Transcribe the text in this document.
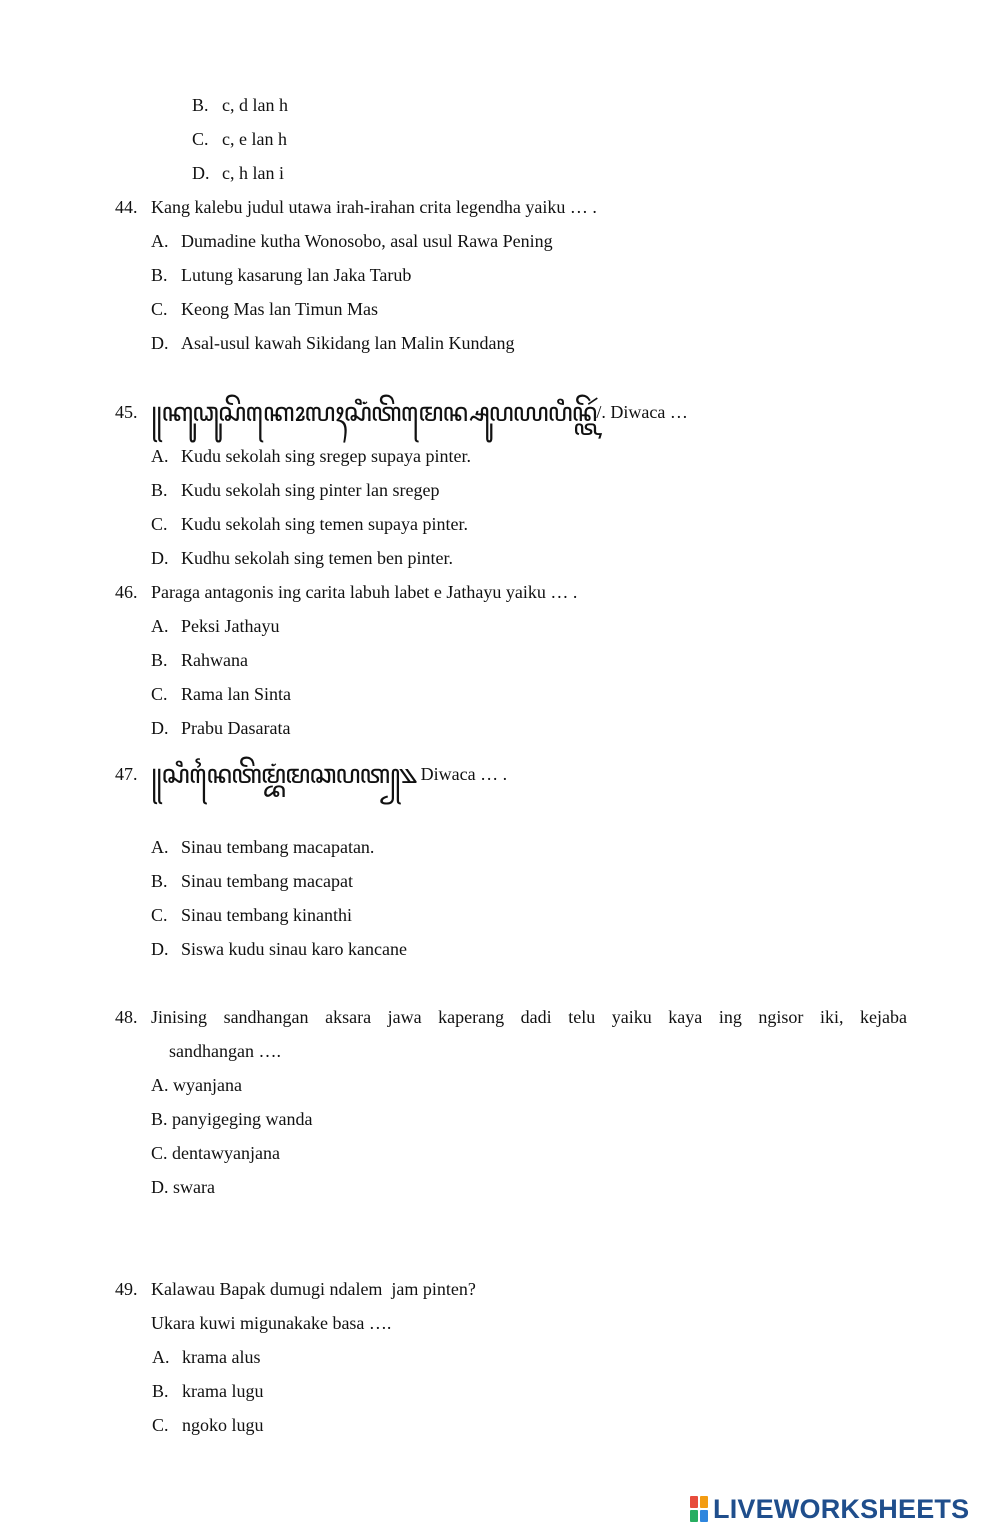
B. c, d lan h
C. c, e lan h
D. c, h lan i
44. Kang kalebu judul utawa irah-irahan crita legendha yaiku … .
A. Dumadine kutha Wonosobo, asal usul Rawa Pening
B. Lutung kasarung lan Jaka Tarub
C. Keong Mas lan Timun Mas
D. Asal-usul kawah Sikidang lan Malin Kundang
45. ꧋ꦏꦸꦣꦸꦱꦼꦏꦺꦴꦭꦃꦱꦶꦁꦠꦼꦩꦺꦤ꧀ꦱꦸꦥꦪꦥꦶꦤ꧀ꦠꦼꦂ/. Diwaca …
A. Kudu sekolah sing sregep supaya pinter.
B. Kudu sekolah sing pinter lan sregep
C. Kudu sekolah sing temen supaya pinter.
D. Kudhu sekolah sing temen ben pinter.
46. Paraga antagonis ing carita labuh labet e Jathayu yaiku … .
A. Peksi Jathayu
B. Rahwana
C. Rama lan Sinta
D. Prabu Dasarata
47. ꧋ꦱꦶꦤꦻꦠꦼꦩ꧀ꦧꦁꦩꦕꦥꦠ꧀꧉ Diwaca … .
A. Sinau tembang macapatan.
B. Sinau tembang macapat
C. Sinau tembang kinanthi
D. Siswa kudu sinau karo kancane
48. Jinising sandhangan aksara jawa kaperang dadi telu yaiku kaya ing ngisor iki, kejaba
sandhangan ….
A. wyanjana
B. panyigeging wanda
C. dentawyanjana
D. swara
49. Kalawau Bapak dumugi ndalem  jam pinten?
Ukara kuwi migunakake basa ….
A. krama alus
B. krama lugu
C. ngoko lugu
LIVEWORKSHEETS
